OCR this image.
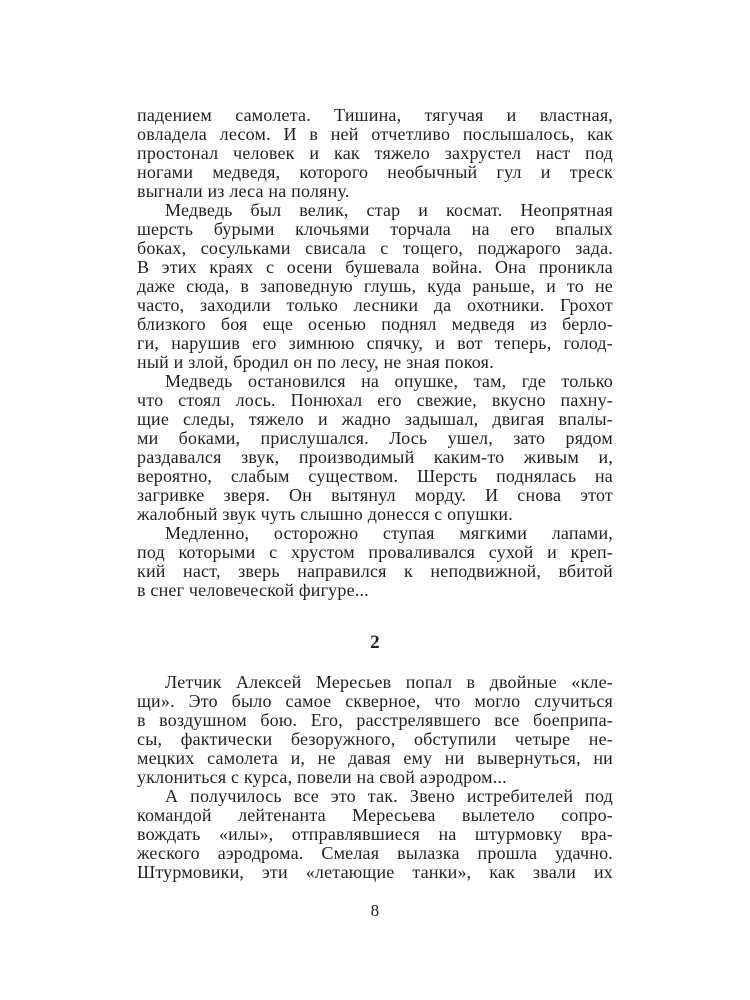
падением самолета. Тишина, тягучая и властная,
овладела лесом. И в ней отчетливо послышалось, как
простонал человек и как тяжело захрустел наст под
ногами медведя, которого необычный гул и треск
выгнали из леса на поляну.

Медведь был велик, стар и космат. Неопрятная
шерсть бурыми клочьями торчала на его впалых
боках, сосульками свисала с тощего, поджарого зада.
В этих краях с осени бушевала война. Она проникла
даже сюда, в заповедную глушь, куда раньше, и то не
часто, заходили только лесники да охотники. Грохот
близкого боя еще осенью поднял медведя из берло-
ги, нарушив его зимнюю спячку, и вот теперь, голод-
ный и злой, бродил он по лесу, не зная покоя.

Медведь остановился на опушке, там, где только
что стоял лось. Понюхал его свежие, вкусно пахну-
щие следы, тяжело и жадно задышал, двигая впалы-
ми боками, прислушался. Лось ушел, зато рядом
раздавался звук, производимый каким-то живым и,
вероятно, слабым существом. Шерсть поднялась на
загривке зверя. Он вытянул морду. И снова этот
жалобный звук чуть слышно донесся с опушки.

Медленно, осторожно ступая мягкими лапами,
под которыми с хрустом проваливался сухой и креп-
кий наст, зверь направился к неподвижной, вбитой
в снег человеческой фигуре...

2

Летчик Алексей Мересьев попал в двойные «кле-
щи». Это было самое скверное, что могло случиться
в воздушном бою. Его, расстрелявшего все боеприпа-
сы, фактически безоружного, обступили четыре не-
мецких самолета и, не давая ему ни вывернуться, ни
уклониться с курса, повели на свой аэродром...

А получилось все это так. Звено истребителей под
командой лейтенанта Мересьева вылетело сопро-
вождать «илы», отправлявшиеся на штурмовку вра-
жеского аэродрома. Смелая вылазка прошла удачно.
Штурмовики, эти «летающие танки», как звали их

8
